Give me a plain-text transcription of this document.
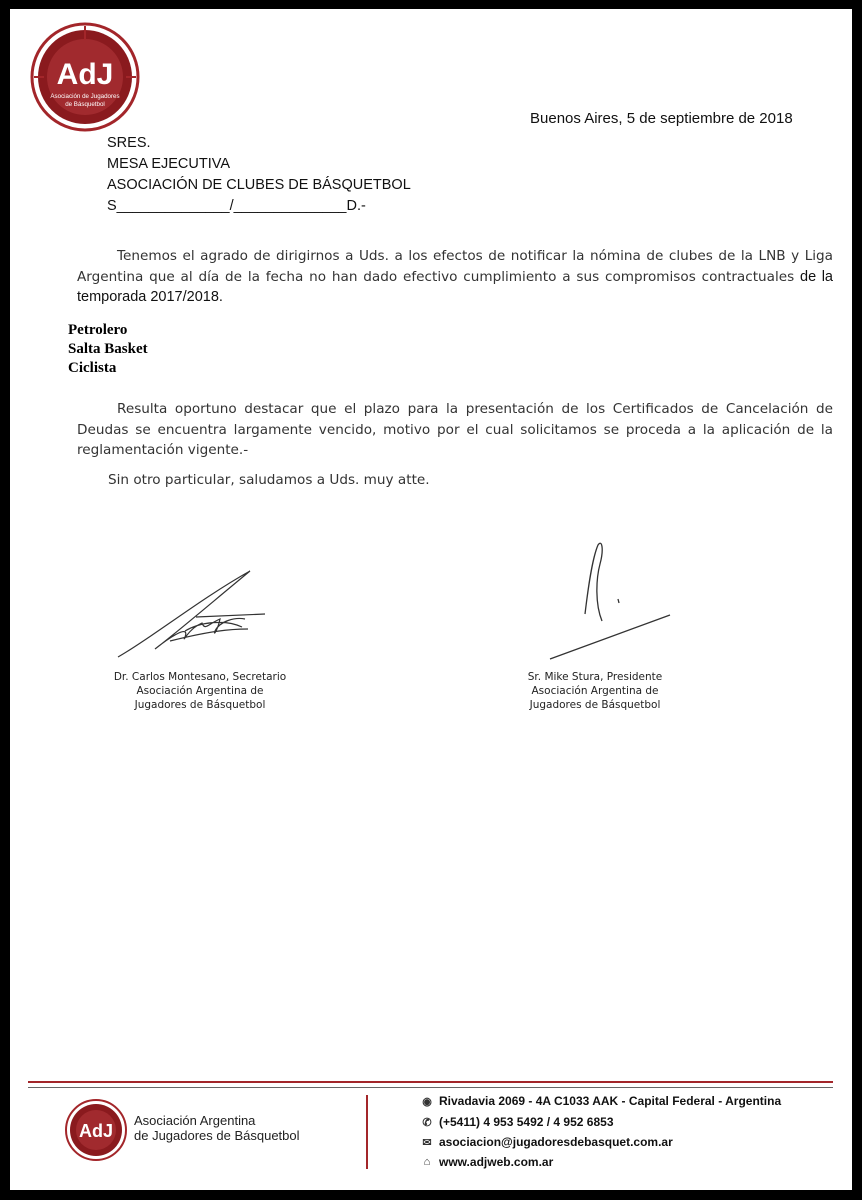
AdJ
Asociación de Jugadores
de Básquetbol
Buenos Aires, 5 de septiembre de 2018
SRES.
MESA EJECUTIVA
ASOCIACIÓN DE CLUBES DE BÁSQUETBOL
S______________/______________D.-
Tenemos el agrado de dirigirnos a Uds. a los efectos de notificar la nómina de clubes de la LNB y Liga Argentina que al día de la fecha no han dado efectivo cumplimiento a sus compromisos contractuales de la temporada 2017/2018.
Petrolero
Salta Basket
Ciclista
Resulta oportuno destacar que el plazo para la presentación de los Certificados de Cancelación de Deudas se encuentra largamente vencido, motivo por el cual solicitamos se proceda a la aplicación de la reglamentación vigente.-
Sin otro particular, saludamos a Uds. muy atte.
Dr. Carlos Montesano, Secretario
Asociación Argentina de
Jugadores de Básquetbol
Sr. Mike Stura, Presidente
Asociación Argentina de
Jugadores de Básquetbol
AdJ
Asociación Argentina
de Jugadores de Básquetbol
◉ Rivadavia 2069 - 4A C1033 AAK - Capital Federal - Argentina
✆ (+5411) 4 953 5492 / 4 952 6853
✉ asociacion@jugadoresdebasquet.com.ar
⌂ www.adjweb.com.ar
